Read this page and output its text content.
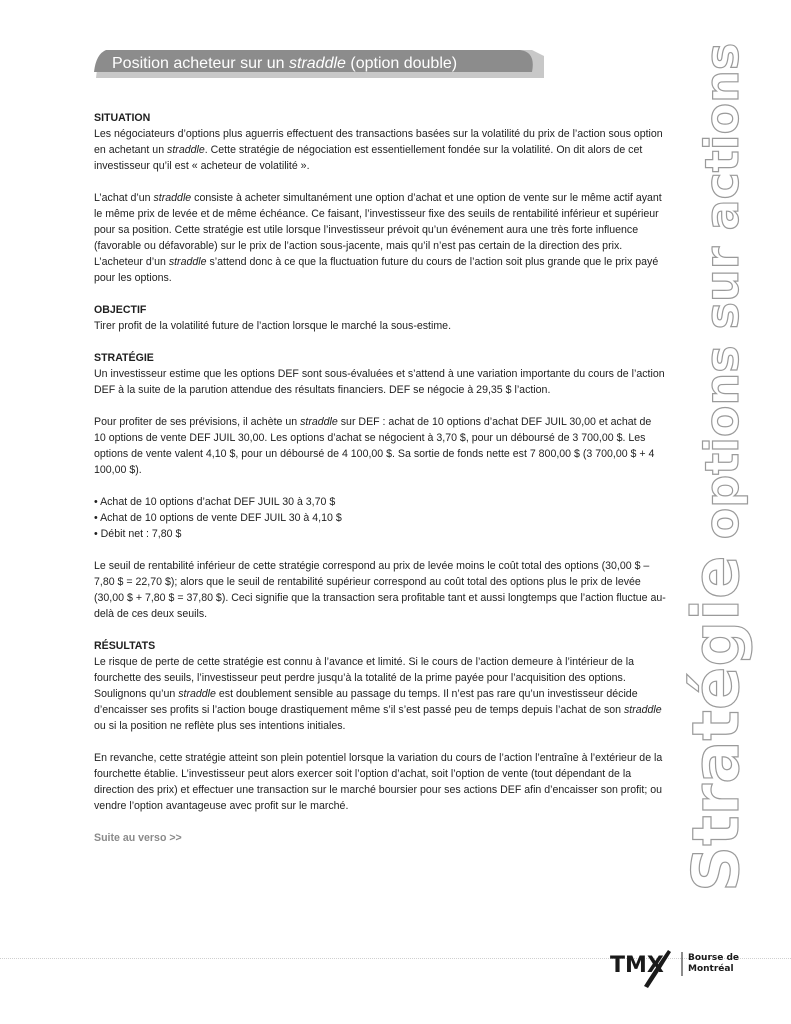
Position acheteur sur un straddle (option double)
Stratégie options sur actions
SITUATION

Les négociateurs d’options plus aguerris effectuent des transactions basées sur la volatilité du prix de l’action sous option en achetant un straddle. Cette stratégie de négociation est essentiellement fondée sur la volatilité. On dit alors de cet investisseur qu’il est « acheteur de volatilité ».

L’achat d’un straddle consiste à acheter simultanément une option d’achat et une option de vente sur le même actif ayant le même prix de levée et de même échéance. Ce faisant, l’investisseur fixe des seuils de rentabilité inférieur et supérieur pour sa position. Cette stratégie est utile lorsque l’investisseur prévoit qu’un événement aura une très forte influence (favorable ou défavorable) sur le prix de l’action sous-jacente, mais qu’il n’est pas certain de la direction des prix. L’acheteur d’un straddle s’attend donc à ce que la fluctuation future du cours de l’action soit plus grande que le prix payé pour les options.

OBJECTIF

Tirer profit de la volatilité future de l’action lorsque le marché la sous-estime.

STRATÉGIE

Un investisseur estime que les options DEF sont sous-évaluées et s’attend à une variation importante du cours de l’action DEF à la suite de la parution attendue des résultats financiers. DEF se négocie à 29,35 $ l’action.

Pour profiter de ses prévisions, il achète un straddle sur DEF : achat de 10 options d’achat DEF JUIL 30,00 et achat de 10 options de vente DEF JUIL 30,00. Les options d’achat se négocient à 3,70 $, pour un déboursé de 3 700,00 $. Les options de vente valent 4,10 $, pour un déboursé de 4 100,00 $. Sa sortie de fonds nette est 7 800,00 $ (3 700,00 $ + 4 100,00 $).

• Achat de 10 options d’achat DEF JUIL 30 à 3,70 $
• Achat de 10 options de vente DEF JUIL 30 à 4,10 $
• Débit net : 7,80 $

Le seuil de rentabilité inférieur de cette stratégie correspond au prix de levée moins le coût total des options (30,00 $ – 7,80 $ = 22,70 $); alors que le seuil de rentabilité supérieur correspond au coût total des options plus le prix de levée (30,00 $ + 7,80 $ = 37,80 $). Ceci signifie que la transaction sera profitable tant et aussi longtemps que l’action fluctue au-delà de ces deux seuils.

RÉSULTATS

Le risque de perte de cette stratégie est connu à l’avance et limité. Si le cours de l’action demeure à l’intérieur de la fourchette des seuils, l’investisseur peut perdre jusqu’à la totalité de la prime payée pour l’acquisition des options. Soulignons qu’un straddle est doublement sensible au passage du temps. Il n’est pas rare qu’un investisseur décide d’encaisser ses profits si l’action bouge drastiquement même s’il s’est passé peu de temps depuis l’achat de son straddle ou si la position ne reflète plus ses intentions initiales.

En revanche, cette stratégie atteint son plein potentiel lorsque la variation du cours de l’action l’entraîne à l’extérieur de la fourchette établie. L’investisseur peut alors exercer soit l’option d’achat, soit l’option de vente (tout dépendant de la direction des prix) et effectuer une transaction sur le marché boursier pour ses actions DEF afin d’encaisser son profit; ou vendre l’option avantageuse avec profit sur le marché.

Suite au verso >>
TMX	Bourse de
Montréal
